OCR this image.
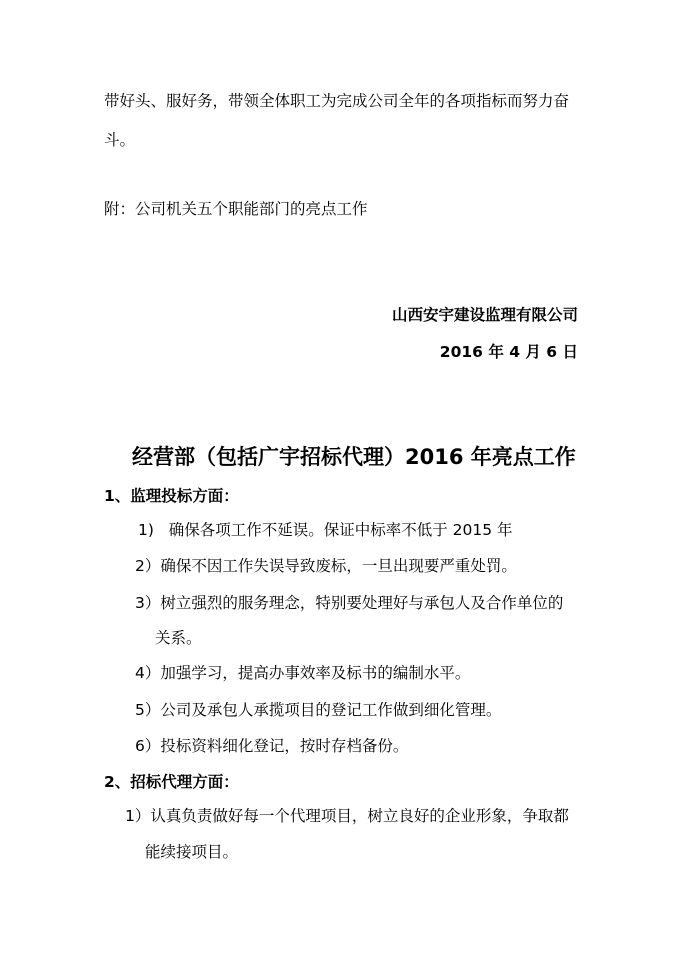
带好头、服好务，带领全体职工为完成公司全年的各项指标而努力奋
斗。
附：公司机关五个职能部门的亮点工作
山西安宇建设监理有限公司
2016 年 4 月 6 日
经营部（包括广宇招标代理）2016 年亮点工作
1、监理投标方面：
1)   确保各项工作不延误。保证中标率不低于 2015 年
2）确保不因工作失误导致废标，一旦出现要严重处罚。
3）树立强烈的服务理念，特别要处理好与承包人及合作单位的
关系。
4）加强学习，提高办事效率及标书的编制水平。
5）公司及承包人承揽项目的登记工作做到细化管理。
6）投标资料细化登记，按时存档备份。
2、招标代理方面：
1）认真负责做好每一个代理项目，树立良好的企业形象，争取都
能续接项目。
